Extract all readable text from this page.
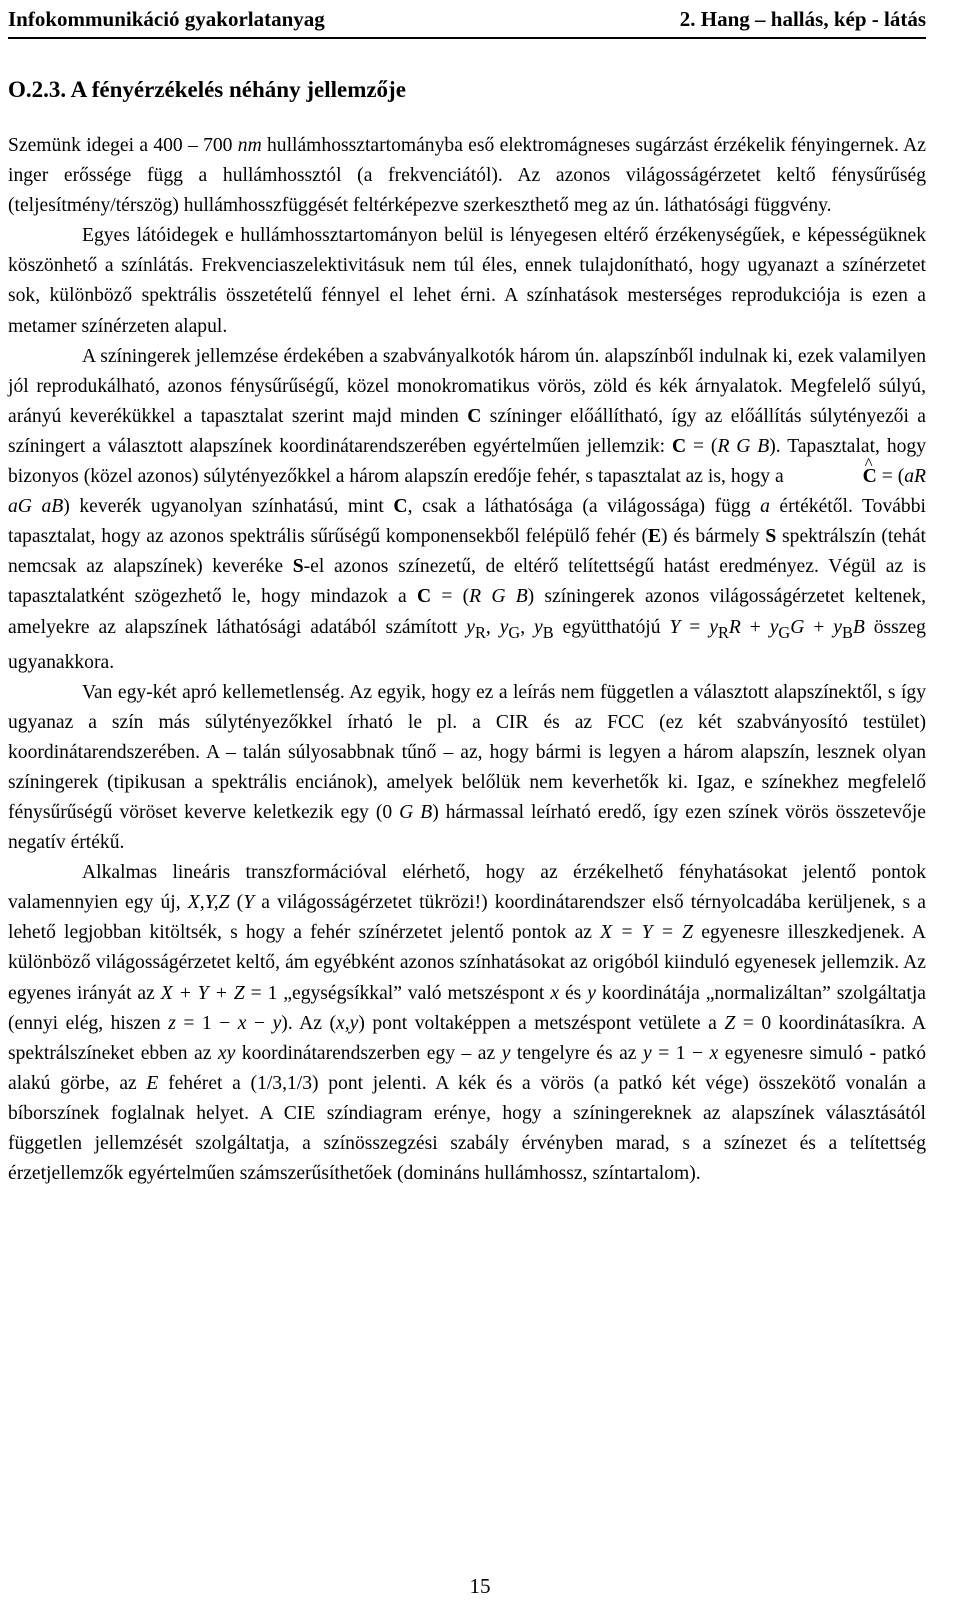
Infokommunikáció gyakorlatanyag	2. Hang – hallás, kép - látás
O.2.3. A fényérzékelés néhány jellemzője

Szemünk idegei a 400 – 700 nm hullámhossztartományba eső elektromágneses sugárzást érzékelik fényingernek. Az inger erőssége függ a hullámhossztól (a frekvenciától). Az azonos világosságérzetet keltő fénysűrűség (teljesítmény/térszög) hullámhosszfüggését feltérképezve szerkeszthető meg az ún. láthatósági függvény.

Egyes látóidegek e hullámhossztartományon belül is lényegesen eltérő érzékenységűek, e képességüknek köszönhető a színlátás. Frekvenciaszelektivitásuk nem túl éles, ennek tulajdonítható, hogy ugyanazt a színérzetet sok, különböző spektrális összetételű fénnyel el lehet érni. A színhatások mesterséges reprodukciója is ezen a metamer színérzeten alapul.

A színingerek jellemzése érdekében a szabványalkotók három ún. alapszínből indulnak ki, ezek valamilyen jól reprodukálható, azonos fénysűrűségű, közel monokromatikus vörös, zöld és kék árnyalatok. Megfelelő súlyú, arányú keverékükkel a tapasztalat szerint majd minden C színinger előállítható, így az előállítás súlytényezői a színingert a választott alapszínek koordinátarendszerében egyértelműen jellemzik: C = (R G B). Tapasztalat, hogy bizonyos (közel azonos) súlytényezőkkel a három alapszín eredője fehér, s tapasztalat az is, hogy a ^	C = (aR aG aB) keverék ugyanolyan színhatású, mint C, csak a láthatósága (a világossága) függ a értékétől. További tapasztalat, hogy az azonos spektrális sűrűségű komponensekből felépülő fehér (E) és bármely S spektrálszín (tehát nemcsak az alapszínek) keveréke S-el azonos színezetű, de eltérő telítettségű hatást eredményez. Végül az is tapasztalatként szögezhető le, hogy mindazok a C = (R G B) színingerek azonos világosságérzetet keltenek, amelyekre az alapszínek láthatósági adatából számított $y_R$, $y_G$, $y_B$ együtthatójú $Y = y_RR + y_GG + y_BB$ összeg ugyanakkora.

Van egy-két apró kellemetlenség. Az egyik, hogy ez a leírás nem független a választott alapszínektől, s így ugyanaz a szín más súlytényezőkkel írható le pl. a CIR és az FCC (ez két szabványosító testület) koordinátarendszerében. A – talán súlyosabbnak tűnő – az, hogy bármi is legyen a három alapszín, lesznek olyan színingerek (tipikusan a spektrális enciánok), amelyek belőlük nem keverhetők ki. Igaz, e színekhez megfelelő fénysűrűségű vöröset keverve keletkezik egy (0 G B) hármassal leírható eredő, így ezen színek vörös összetevője negatív értékű.

Alkalmas lineáris transzformációval elérhető, hogy az érzékelhető fényhatásokat jelentő pontok valamennyien egy új, X,Y,Z (Y a világosságérzetet tükrözi!) koordinátarendszer első térnyolcadába kerüljenek, s a lehető legjobban kitöltsék, s hogy a fehér színérzetet jelentő pontok az X = Y = Z egyenesre illeszkedjenek. A különböző világosságérzetet keltő, ám egyébként azonos színhatásokat az origóból kiinduló egyenesek jellemzik. Az egyenes irányát az X + Y + Z = 1 „egységsíkkal” való metszéspont x és y koordinátája „normalizáltan” szolgáltatja (ennyi elég, hiszen z = 1 − x − y). Az (x,y) pont voltaképpen a metszéspont vetülete a Z = 0 koordinátasíkra. A spektrálszíneket ebben az xy koordinátarendszerben egy – az y tengelyre és az y = 1 − x egyenesre simuló - patkó alakú görbe, az E fehéret a (1/3,1/3) pont jelenti. A kék és a vörös (a patkó két vége) összekötő vonalán a bíborszínek foglalnak helyet. A CIE színdiagram erénye, hogy a színingereknek az alapszínek választásától független jellemzését szolgáltatja, a színösszegzési szabály érvényben marad, s a színezet és a telítettség érzetjellemzők egyértelműen számszerűsíthetőek (domináns hullámhossz, színtartalom).

15
